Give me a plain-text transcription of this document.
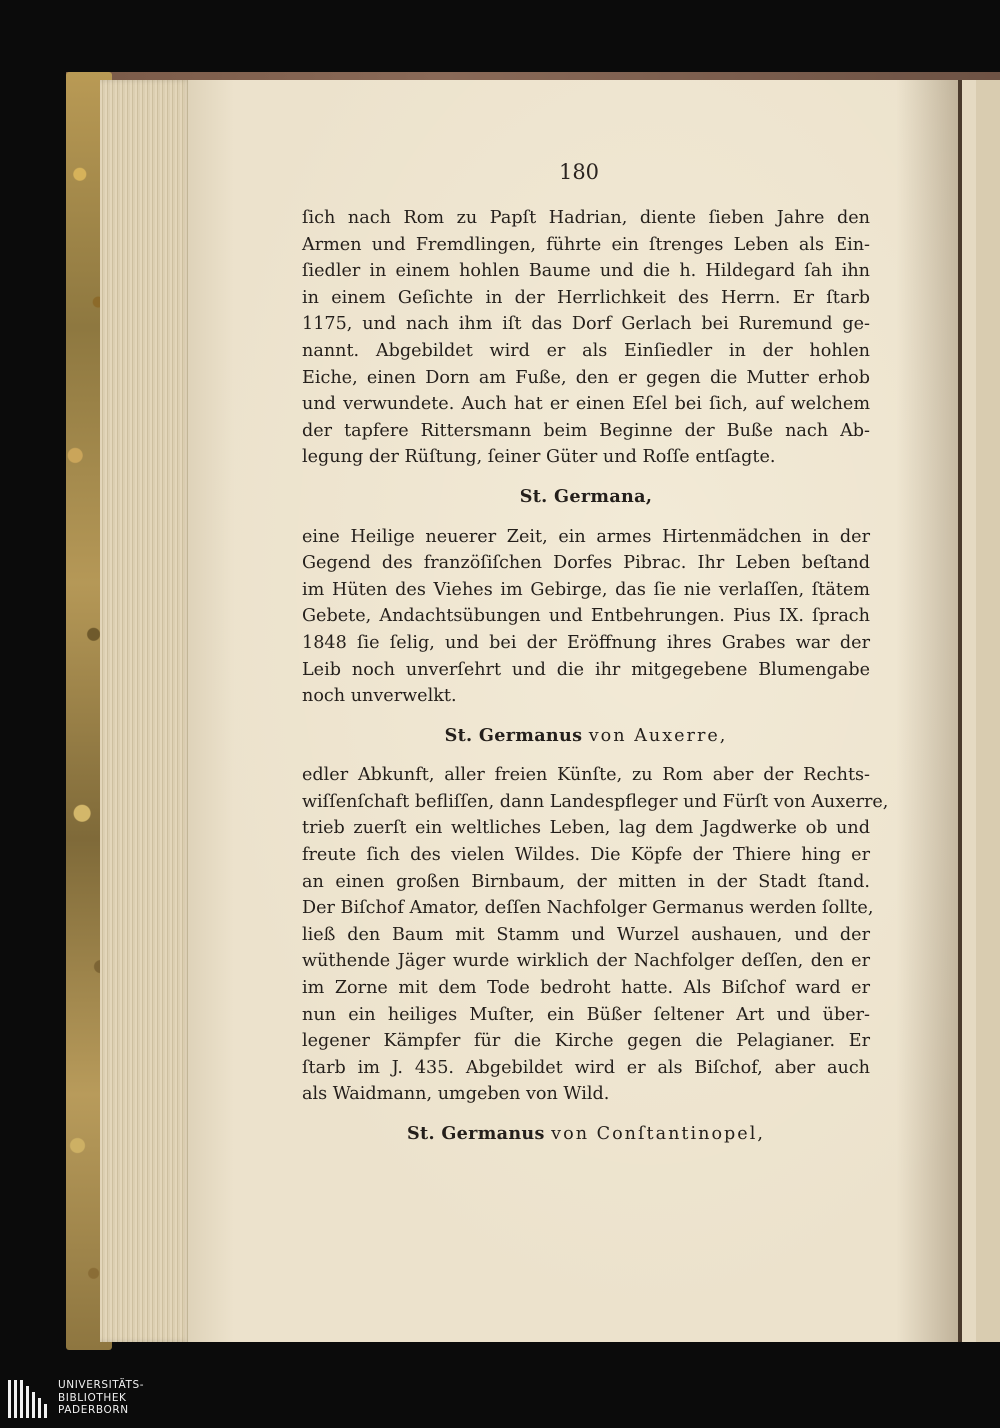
180

ſich nach Rom zu Papſt Hadrian, diente ſieben Jahre den
Armen und Fremdlingen, führte ein ſtrenges Leben als Ein-
ſiedler in einem hohlen Baume und die h. Hildegard ſah ihn
in einem Geſichte in der Herrlichkeit des Herrn. Er ſtarb
1175, und nach ihm iſt das Dorf Gerlach bei Ruremund ge-
nannt. Abgebildet wird er als Einſiedler in der hohlen
Eiche, einen Dorn am Fuße, den er gegen die Mutter erhob
und verwundete. Auch hat er einen Eſel bei ſich, auf welchem
der tapfere Rittersmann beim Beginne der Buße nach Ab-
legung der Rüſtung, ſeiner Güter und Roſſe entſagte.

St. Germana,

eine Heilige neuerer Zeit, ein armes Hirtenmädchen in der
Gegend des franzöſiſchen Dorfes Pibrac. Ihr Leben beſtand
im Hüten des Viehes im Gebirge, das ſie nie verlaſſen, ſtätem
Gebete, Andachtsübungen und Entbehrungen. Pius IX. ſprach
1848 ſie ſelig, und bei der Eröffnung ihres Grabes war der
Leib noch unverſehrt und die ihr mitgegebene Blumengabe
noch unverwelkt.

St. Germanus von Auxerre,

edler Abkunft, aller freien Künſte, zu Rom aber der Rechts-
wiſſenſchaft befliſſen, dann Landespfleger und Fürſt von Auxerre,
trieb zuerſt ein weltliches Leben, lag dem Jagdwerke ob und
freute ſich des vielen Wildes. Die Köpfe der Thiere hing er
an einen großen Birnbaum, der mitten in der Stadt ſtand.
Der Biſchof Amator, deſſen Nachfolger Germanus werden ſollte,
ließ den Baum mit Stamm und Wurzel aushauen, und der
wüthende Jäger wurde wirklich der Nachfolger deſſen, den er
im Zorne mit dem Tode bedroht hatte. Als Biſchof ward er
nun ein heiliges Muſter, ein Büßer ſeltener Art und über-
legener Kämpfer für die Kirche gegen die Pelagianer. Er
ſtarb im J. 435. Abgebildet wird er als Biſchof, aber auch
als Waidmann, umgeben von Wild.

St. Germanus von Conſtantinopel,
UNIVERSITÄTS-
BIBLIOTHEK
PADERBORN
